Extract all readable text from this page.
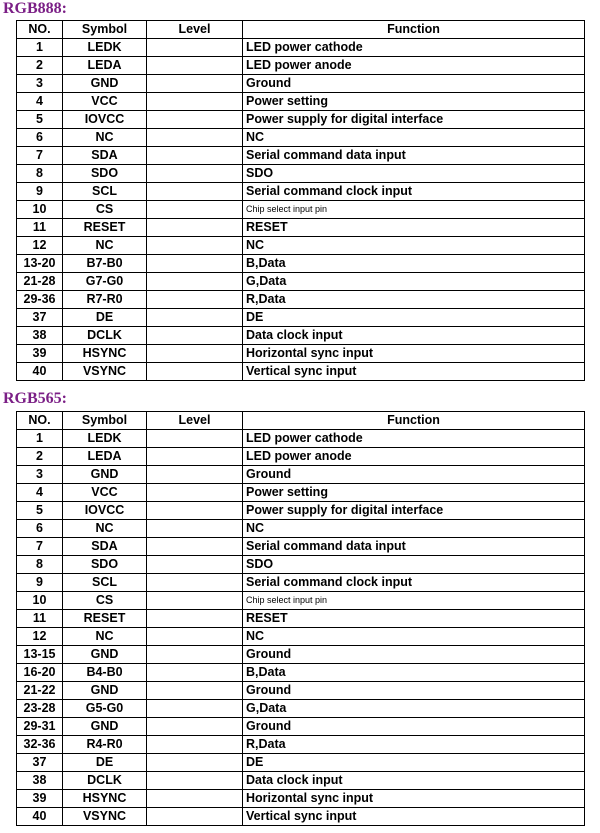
RGB888:
NO.	Symbol	Level	Function
1	LEDK		LED power cathode
2	LEDA		LED power anode
3	GND		Ground
4	VCC		Power setting
5	IOVCC		Power supply for digital interface
6	NC		NC
7	SDA		Serial command data input
8	SDO		SDO
9	SCL		Serial command clock input
10	CS		Chip select input pin
11	RESET		RESET
12	NC		NC
13-20	B7-B0		B,Data
21-28	G7-G0		G,Data
29-36	R7-R0		R,Data
37	DE		DE
38	DCLK		Data clock input
39	HSYNC		Horizontal sync input
40	VSYNC		Vertical sync input
RGB565:
NO.	Symbol	Level	Function
1	LEDK		LED power cathode
2	LEDA		LED power anode
3	GND		Ground
4	VCC		Power setting
5	IOVCC		Power supply for digital interface
6	NC		NC
7	SDA		Serial command data input
8	SDO		SDO
9	SCL		Serial command clock input
10	CS		Chip select input pin
11	RESET		RESET
12	NC		NC
13-15	GND		Ground
16-20	B4-B0		B,Data
21-22	GND		Ground
23-28	G5-G0		G,Data
29-31	GND		Ground
32-36	R4-R0		R,Data
37	DE		DE
38	DCLK		Data clock input
39	HSYNC		Horizontal sync input
40	VSYNC		Vertical sync input
